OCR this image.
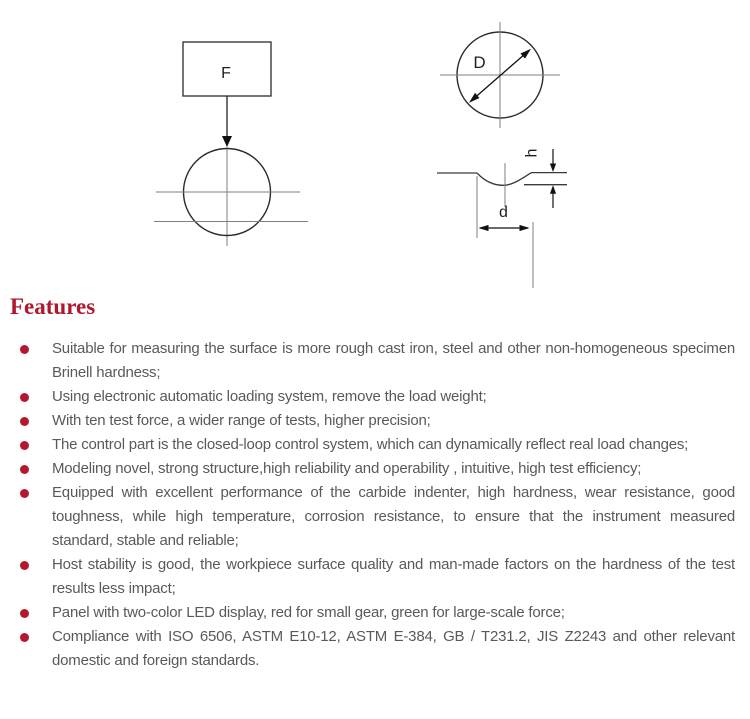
F
D
h
d
Features
Suitable for measuring the surface is more rough cast iron, steel and other non-homogeneous specimen Brinell hardness;
Using electronic automatic loading system, remove the load weight;
With ten test force, a wider range of tests, higher precision;
The control part is the closed-loop control system, which can dynamically reflect real load changes;
Modeling novel, strong structure,high reliability and operability , intuitive, high test efficiency;
Equipped with excellent performance of the carbide indenter, high hardness, wear resistance, good toughness, while high temperature, corrosion resistance, to ensure that the instrument measured standard, stable and reliable;
Host stability is good, the workpiece surface quality and man-made factors on the hardness of the test results less impact;
Panel with two-color LED display, red for small gear, green for large-scale force;
Compliance with ISO 6506, ASTM E10-12, ASTM E-384, GB / T231.2, JIS Z2243 and other relevant domestic and foreign standards.
